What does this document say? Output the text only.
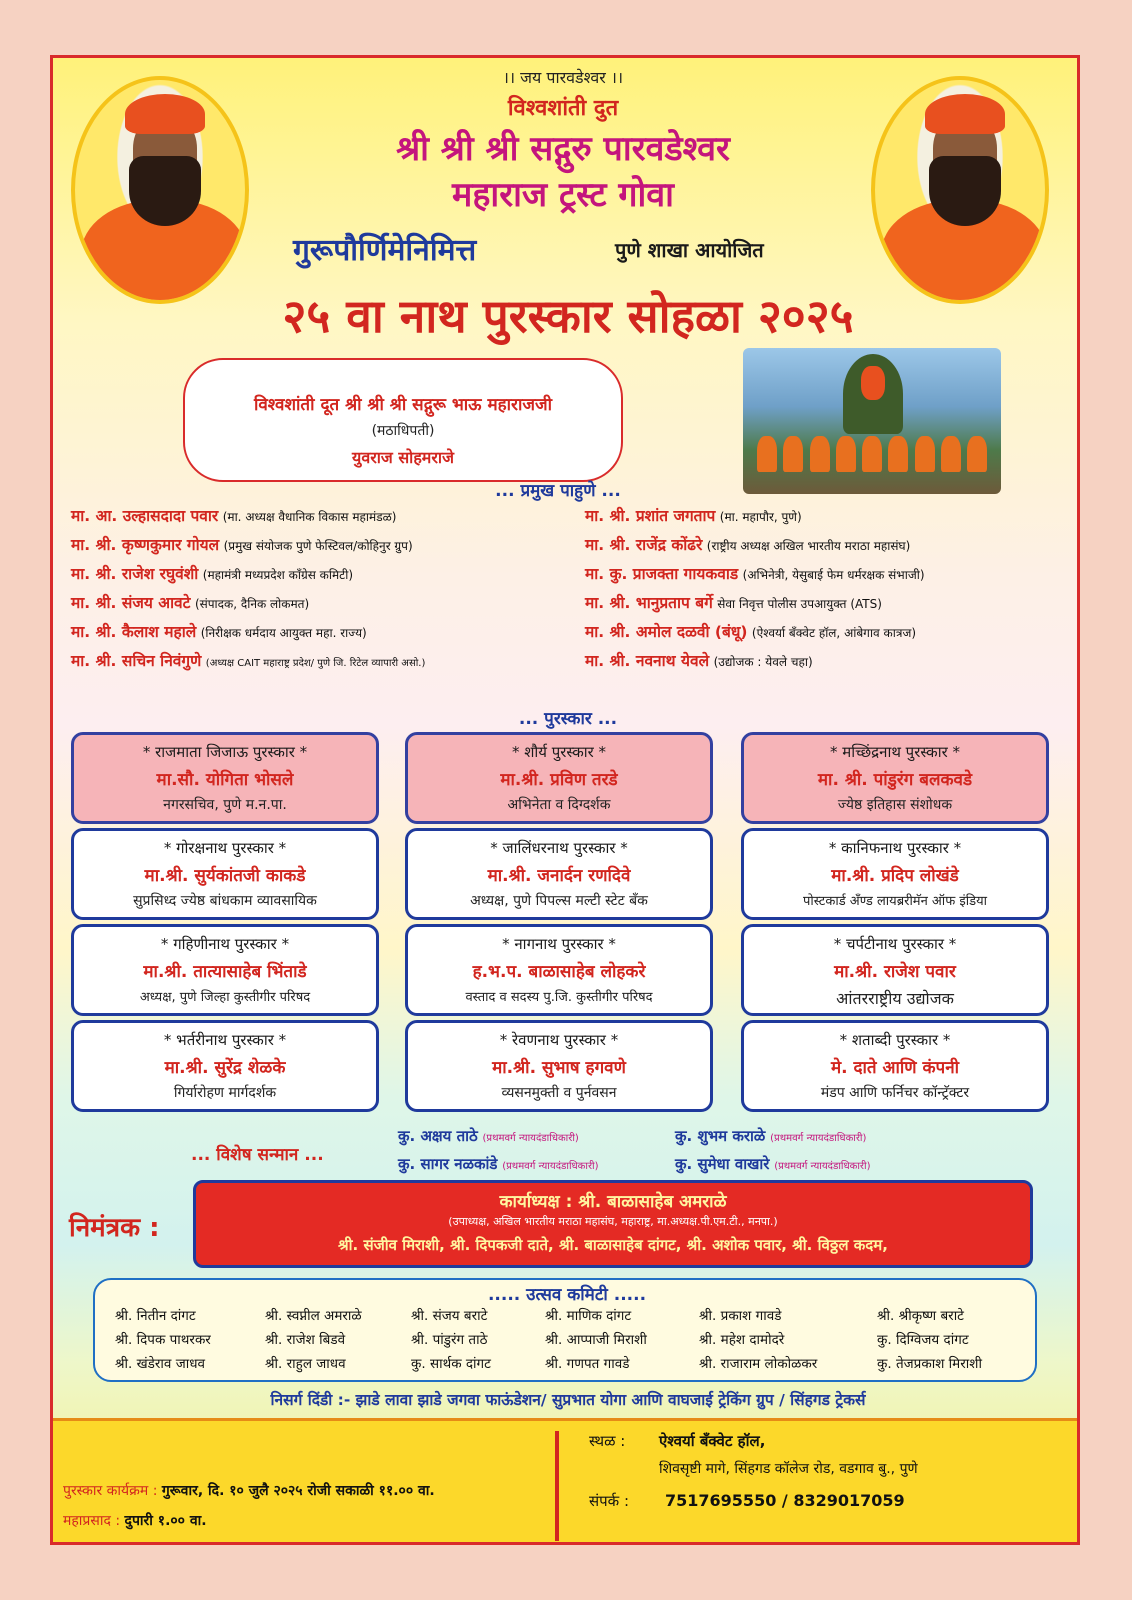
।। जय पारवडेश्वर ।।
विश्वशांती दुत
श्री श्री श्री सद्गुरु पारवडेश्वर
महाराज ट्रस्ट गोवा
गुरूपौर्णिमेनिमित्त	पुणे शाखा आयोजित
२५ वा नाथ पुरस्कार सोहळा २०२५
विश्वशांती दूत श्री श्री श्री सद्गुरू भाऊ महाराजजी
(मठाधिपती)
युवराज सोहमराजे
... प्रमुख पाहुणे ...
मा. आ. उल्हासदादा पवार (मा. अध्यक्ष वैधानिक विकास महामंडळ)
मा. श्री. कृष्णकुमार गोयल (प्रमुख संयोजक पुणे फेस्टिवल/कोहिनुर ग्रुप)
मा. श्री. राजेश रघुवंशी (महामंत्री मध्यप्रदेश कॉंग्रेस कमिटी)
मा. श्री. संजय आवटे (संपादक, दैनिक लोकमत)
मा. श्री. कैलाश महाले (निरीक्षक धर्मदाय आयुक्त महा. राज्य)
मा. श्री. सचिन निवंगुणे (अध्यक्ष CAIT महाराष्ट्र प्रदेश/ पुणे जि. रिटेल व्यापारी असो.)
मा. श्री. प्रशांत जगताप (मा. महापौर, पुणे)
मा. श्री. राजेंद्र कोंढरे (राष्ट्रीय अध्यक्ष अखिल भारतीय मराठा महासंघ)
मा. कु. प्राजक्ता गायकवाड (अभिनेत्री, येसुबाई फेम धर्मरक्षक संभाजी)
मा. श्री. भानुप्रताप बर्गे सेवा निवृत्त पोलीस उपआयुक्त (ATS)
मा. श्री. अमोल दळवी (बंधू) (ऐश्वर्या बँक्वेट हॉल, आंबेगाव कात्रज)
मा. श्री. नवनाथ येवले (उद्योजक : येवले चहा)
... पुरस्कार ...
* राजमाता जिजाऊ पुरस्कार *
मा.सौ. योगिता भोसले
नगरसचिव, पुणे म.न.पा.
* शौर्य पुरस्कार *
मा.श्री. प्रविण तरडे
अभिनेता व दिग्दर्शक
* मच्छिंद्रनाथ पुरस्कार *
मा. श्री. पांडुरंग बलकवडे
ज्येष्ठ इतिहास संशोधक
* गोरक्षनाथ पुरस्कार *
मा.श्री. सुर्यकांतजी काकडे
सुप्रसिध्द ज्येष्ठ बांधकाम व्यावसायिक
* जालिंधरनाथ पुरस्कार *
मा.श्री. जनार्दन रणदिवे
अध्यक्ष, पुणे पिपल्स मल्टी स्टेट बँक
* कानिफनाथ पुरस्कार *
मा.श्री. प्रदिप लोखंडे
पोस्टकार्ड अँण्ड लायब्ररीमॅन ऑफ इंडिया
* गहिणीनाथ पुरस्कार *
मा.श्री. तात्यासाहेब भिंताडे
अध्यक्ष, पुणे जिल्हा कुस्तीगीर परिषद
* नागनाथ पुरस्कार *
ह.भ.प. बाळासाहेब लोहकरे
वस्ताद व सदस्य पु.जि. कुस्तीगीर परिषद
* चर्पटीनाथ पुरस्कार *
मा.श्री. राजेश पवार
आंतरराष्ट्रीय उद्योजक
* भर्तरीनाथ पुरस्कार *
मा.श्री. सुरेंद्र शेळके
गिर्यारोहण मार्गदर्शक
* रेवणनाथ पुरस्कार *
मा.श्री. सुभाष हगवणे
व्यसनमुक्ती व पुर्नवसन
* शताब्दी पुरस्कार *
मे. दाते आणि कंपनी
मंडप आणि फर्निचर कॉन्ट्रॅक्टर
... विशेष सन्मान ...
कु. अक्षय ताठे (प्रथमवर्ग न्यायदंडाधिकारी)	कु. शुभम कराळे (प्रथमवर्ग न्यायदंडाधिकारी)
कु. सागर नळकांडे (प्रथमवर्ग न्यायदंडाधिकारी)	कु. सुमेधा वाखारे (प्रथमवर्ग न्यायदंडाधिकारी)
निमंत्रक :
कार्याध्यक्ष : श्री. बाळासाहेब अमराळे
(उपाध्यक्ष, अखिल भारतीय मराठा महासंघ, महाराष्ट्र, मा.अध्यक्ष.पी.एम.टी., मनपा.)
श्री. संजीव मिराशी, श्री. दिपकजी दाते, श्री. बाळासाहेब दांगट, श्री. अशोक पवार, श्री. विठ्ठल कदम,
..... उत्सव कमिटी .....
श्री. नितीन दांगट	श्री. स्वप्नील अमराळे	श्री. संजय बराटे	श्री. माणिक दांगट	श्री. प्रकाश गावडे	श्री. श्रीकृष्ण बराटे
श्री. दिपक पाथरकर	श्री. राजेश बिडवे	श्री. पांडुरंग ताठे	श्री. आप्पाजी मिराशी	श्री. महेश दामोदरे	कु. दिग्विजय दांगट
श्री. खंडेराव जाधव	श्री. राहुल जाधव	कु. सार्थक दांगट	श्री. गणपत गावडे	श्री. राजाराम लोकोळकर	कु. तेजप्रकाश मिराशी
निसर्ग दिंडी :- झाडे लावा झाडे जगवा फाऊंडेशन/ सुप्रभात योगा आणि वाघजाई ट्रेकिंग ग्रुप / सिंहगड ट्रेकर्स
पुरस्कार कार्यक्रम : गुरूवार, दि. १० जुलै २०२५ रोजी सकाळी ११.०० वा.
महाप्रसाद : दुपारी १.०० वा.
स्थळ : ऐश्वर्या बँक्वेट हॉल,
शिवसृष्टी मागे, सिंहगड कॉलेज रोड, वडगाव बु., पुणे
संपर्क : 7517695550 / 8329017059
